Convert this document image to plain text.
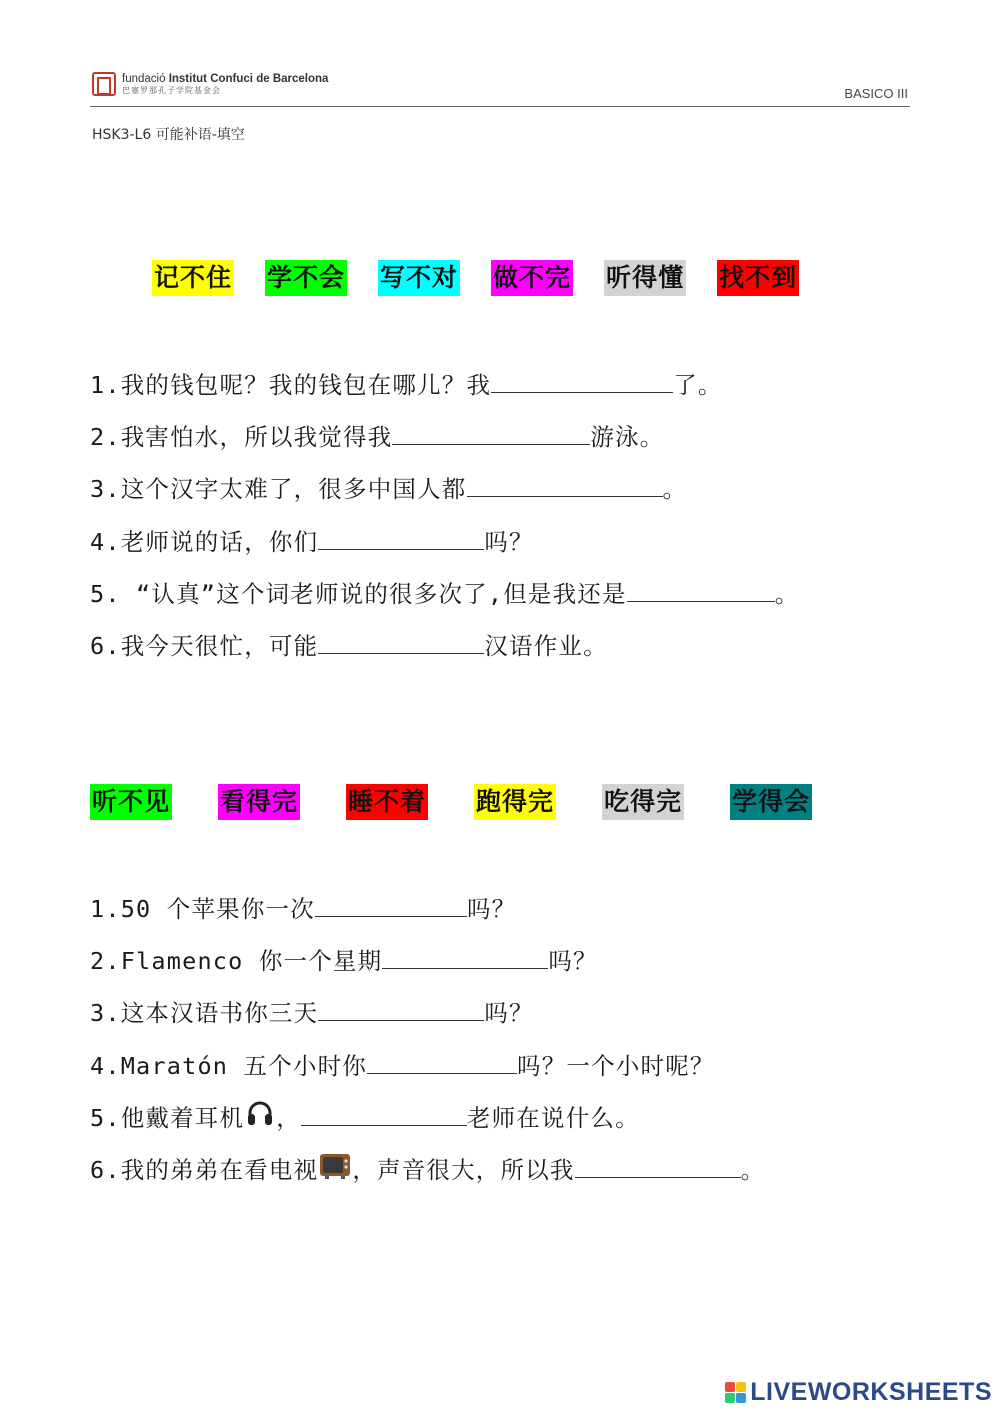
fundació Institut Confuci de Barcelona
巴塞罗那孔子学院基金会	BASICO III
HSK3-L6 可能补语-填空
记不住 学不会 写不对 做不完 听得懂 找不到
1.我的钱包呢？我的钱包在哪儿？我	了。
2.我害怕水，所以我觉得我	游泳。
3.这个汉字太难了，很多中国人都	。
4.老师说的话，你们	吗？
5. “认真”这个词老师说的很多次了,但是我还是	。
6.我今天很忙，可能	汉语作业。
听不见 看得完 睡不着 跑得完 吃得完 学得会
1.50 个苹果你一次	吗？
2.Flamenco 你一个星期	吗？
3.这本汉语书你三天	吗？
4.Maratón 五个小时你	吗？一个小时呢？
5.他戴着耳机 ，	老师在说什么。
6.我的弟弟在看电视 ，声音很大，所以我	。
LIVEWORKSHEETS
